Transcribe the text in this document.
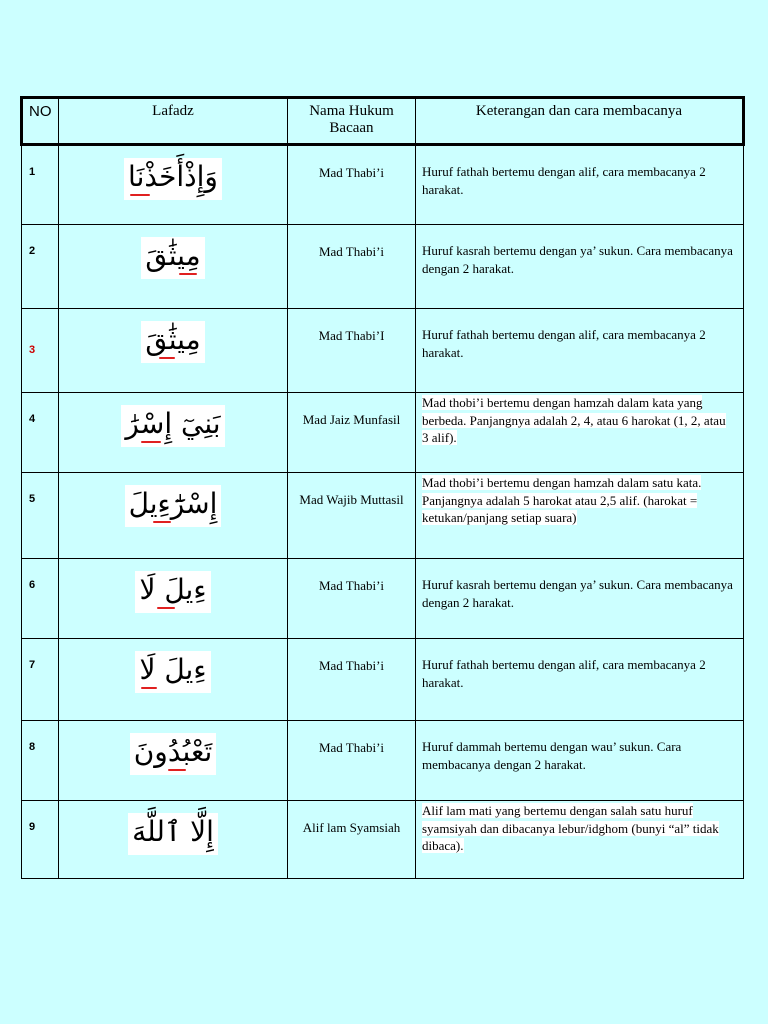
NO	Lafadz	Nama Hukum Bacaan	Keterangan dan cara membacanya
1	وَإِذْأَخَذْنَا	Mad Thabi’i	Huruf fathah bertemu dengan alif, cara membacanya 2 harakat.
2	مِيثَٰقَ	Mad Thabi’i	Huruf kasrah bertemu dengan ya’ sukun. Cara membacanya dengan 2 harakat.
3	مِيثَٰقَ	Mad Thabi’I	Huruf fathah bertemu dengan alif, cara membacanya 2 harakat.
4	بَنِيٓ إِسْرَٰ	Mad Jaiz Munfasil	Mad thobi’i bertemu dengan hamzah dalam kata yang berbeda. Panjangnya adalah 2, 4, atau 6 harokat (1, 2, atau 3 alif).
5	إِسْرَٰٓءِيلَ	Mad Wajib Muttasil	Mad thobi’i bertemu dengan hamzah dalam satu kata. Panjangnya adalah 5 harokat atau 2,5 alif. (harokat = ketukan/panjang setiap suara)
6	ءِيلَ لَا	Mad Thabi’i	Huruf kasrah bertemu dengan ya’ sukun. Cara membacanya dengan 2 harakat.
7	ءِيلَ لَا	Mad Thabi’i	Huruf fathah bertemu dengan alif, cara membacanya 2 harakat.
8	تَعْبُدُونَ	Mad Thabi’i	Huruf dammah bertemu dengan wau’ sukun. Cara membacanya dengan 2 harakat.
9	إِلَّا ٱللَّهَ	Alif lam Syamsiah	Alif lam mati yang bertemu dengan salah satu huruf syamsiyah dan dibacanya lebur/idghom (bunyi “al” tidak dibaca).
